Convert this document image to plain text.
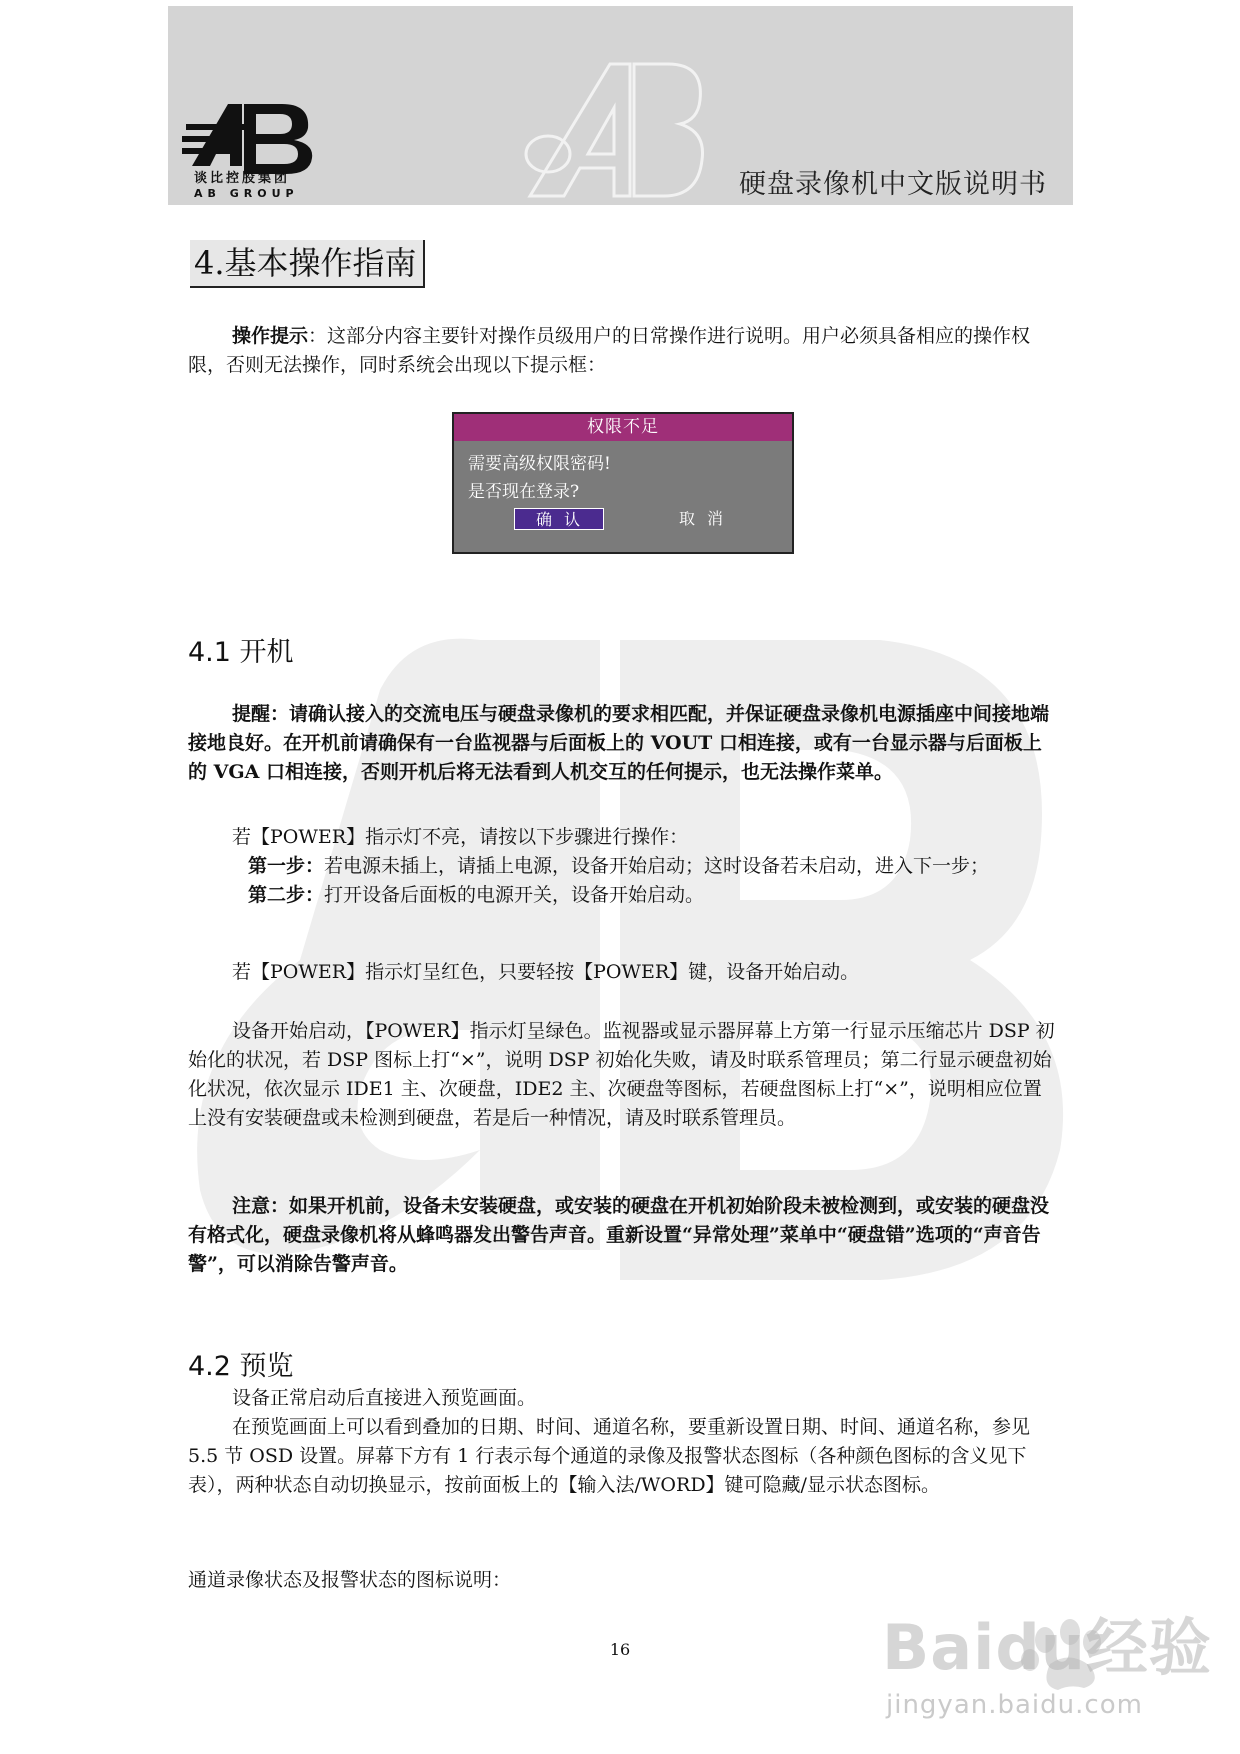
谈比控股集团
AB GROUP	硬盘录像机中文版说明书
4.基本操作指南

操作提示：这部分内容主要针对操作员级用户的日常操作进行说明。用户必须具备相应的操作权限，否则无法操作，同时系统会出现以下提示框：

权限不足
需要高级权限密码!
是否现在登录?
确认	取消
4.1 开机

提醒：请确认接入的交流电压与硬盘录像机的要求相匹配，并保证硬盘录像机电源插座中间接地端接地良好。在开机前请确保有一台监视器与后面板上的 VOUT 口相连接，或有一台显示器与后面板上的 VGA 口相连接，否则开机后将无法看到人机交互的任何提示，也无法操作菜单。

若【POWER】指示灯不亮，请按以下步骤进行操作：

第一步：若电源未插上，请插上电源，设备开始启动；这时设备若未启动，进入下一步；

第二步：打开设备后面板的电源开关，设备开始启动。

若【POWER】指示灯呈红色，只要轻按【POWER】键，设备开始启动。

设备开始启动，【POWER】指示灯呈绿色。监视器或显示器屏幕上方第一行显示压缩芯片 DSP 初始化的状况，若 DSP 图标上打“×”，说明 DSP 初始化失败，请及时联系管理员；第二行显示硬盘初始化状况，依次显示 IDE1 主、次硬盘，IDE2 主、次硬盘等图标，若硬盘图标上打“×”，说明相应位置上没有安装硬盘或未检测到硬盘，若是后一种情况，请及时联系管理员。

注意：如果开机前，设备未安装硬盘，或安装的硬盘在开机初始阶段未被检测到，或安装的硬盘没有格式化，硬盘录像机将从蜂鸣器发出警告声音。重新设置“异常处理”菜单中“硬盘错”选项的“声音告警”，可以消除告警声音。

4.2 预览

设备正常启动后直接进入预览画面。

在预览画面上可以看到叠加的日期、时间、通道名称，要重新设置日期、时间、通道名称，参见 5.5 节 OSD 设置。屏幕下方有 1 行表示每个通道的录像及报警状态图标（各种颜色图标的含义见下表），两种状态自动切换显示，按前面板上的【输入法/WORD】键可隐藏/显示状态图标。

通道录像状态及报警状态的图标说明：

16	Baidu经验
jingyan.baidu.com
